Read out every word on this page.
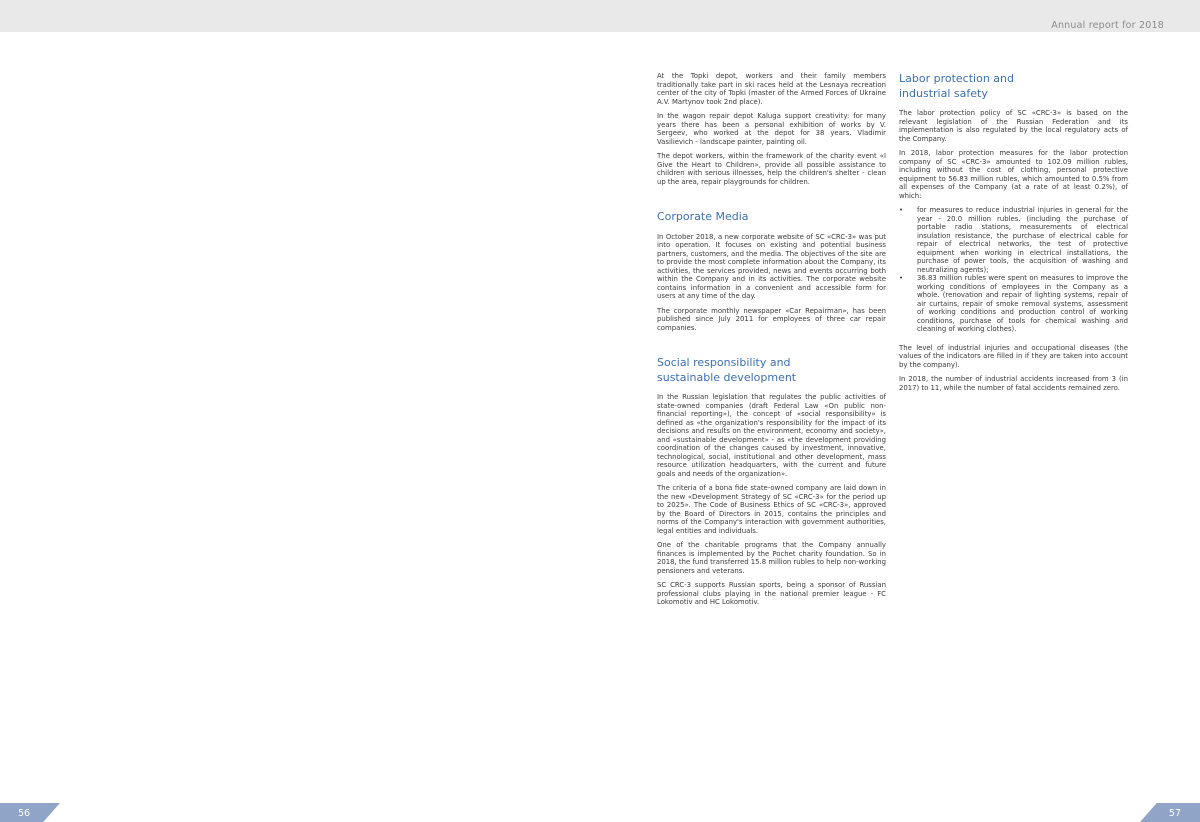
Annual report for 2018

At the Topki depot, workers and their family members traditionally take part in ski races held at the Lesnaya recreation center of the city of Topki (master of the Armed Forces of Ukraine A.V. Martynov took 2nd place).

In the wagon repair depot Kaluga support creativity: for many years there has been a personal exhibition of works by V. Sergeev, who worked at the depot for 38 years. Vladimir Vasilievich - landscape painter, painting oil.

The depot workers, within the framework of the charity event «I Give the Heart to Children», provide all possible assistance to children with serious illnesses, help the children's shelter - clean up the area, repair playgrounds for children.

Corporate Media

In October 2018, a new corporate website of SC «CRC-3» was put into operation. It focuses on existing and potential business partners, customers, and the media. The objectives of the site are to provide the most complete information about the Company, its activities, the services provided, news and events occurring both within the Company and in its activities. The corporate website contains information in a convenient and accessible form for users at any time of the day.

The corporate monthly newspaper «Car Repairman», has been published since July 2011 for employees of three car repair companies.

Social responsibility and sustainable development

In the Russian legislation that regulates the public activities of state-owned companies (draft Federal Law «On public non-financial reporting»), the concept of «social responsibility» is defined as «the organization's responsibility for the impact of its decisions and results on the environment, economy and society», and «sustainable development» - as «the development providing coordination of the changes caused by investment, innovative, technological, social, institutional and other development, mass resource utilization headquarters, with the current and future goals and needs of the organization».

The criteria of a bona fide state-owned company are laid down in the new «Development Strategy of SC «CRC-3» for the period up to 2025». The Code of Business Ethics of SC «CRC-3», approved by the Board of Directors in 2015, contains the principles and norms of the Company's interaction with government authorities, legal entities and individuals.

One of the charitable programs that the Company annually finances is implemented by the Pochet charity foundation. So in 2018, the fund transferred 15.8 million rubles to help non-working pensioners and veterans.

SC CRC-3 supports Russian sports, being a sponsor of Russian professional clubs playing in the national premier league - FC Lokomotiv and HC Lokomotiv.

Labor protection and industrial safety

The labor protection policy of SC «CRC-3» is based on the relevant legislation of the Russian Federation and its implementation is also regulated by the local regulatory acts of the Company.

In 2018, labor protection measures for the labor protection company of SC «CRC-3» amounted to 102.09 million rubles, including without the cost of clothing, personal protective equipment to 56.83 million rubles, which amounted to 0.5% from all expenses of the Company (at a rate of at least 0.2%), of which:

• for measures to reduce industrial injuries in general for the year - 20.0 million rubles. (including the purchase of portable radio stations, measurements of electrical insulation resistance, the purchase of electrical cable for repair of electrical networks, the test of protective equipment when working in electrical installations, the purchase of power tools, the acquisition of washing and neutralizing agents);
• 36.83 million rubles were spent on measures to improve the working conditions of employees in the Company as a whole. (renovation and repair of lighting systems, repair of air curtains, repair of smoke removal systems, assessment of working conditions and production control of working conditions, purchase of tools for chemical washing and cleaning of working clothes).

The level of industrial injuries and occupational diseases (the values of the indicators are filled in if they are taken into account by the company).

In 2018, the number of industrial accidents increased from 3 (in 2017) to 11, while the number of fatal accidents remained zero.

56	57
